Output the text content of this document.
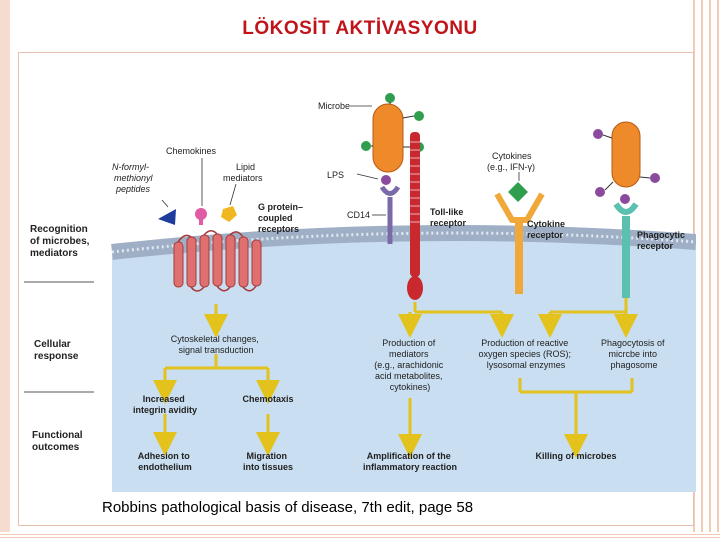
LÖKOSİT AKTİVASYONU
Recognition of microbes, mediators
Cellular response
Functional outcomes
Microbe
Chemokines
N-formyl- methionyl peptides
Lipid mediators
G protein– coupled receptors
LPS
CD14	Toll-like receptor
Cytokines (e.g., IFN-γ)
Cytokine receptor	Phagocytic receptor
Cytoskeletal changes, signal transduction
Production of mediators (e.g., arachidonic acid metabolites, cytokines)
Production of reactive oxygen species (ROS); lysosomal enzymes
Phagocytosis of micrcbe into phagosome
Increased integrin avidity
Chemotaxis
Adhesion to endothelium
Migration into tissues
Amplification of the inflammatory reaction
Killing of microbes
Robbins pathological basis of disease, 7th edit, page 58
